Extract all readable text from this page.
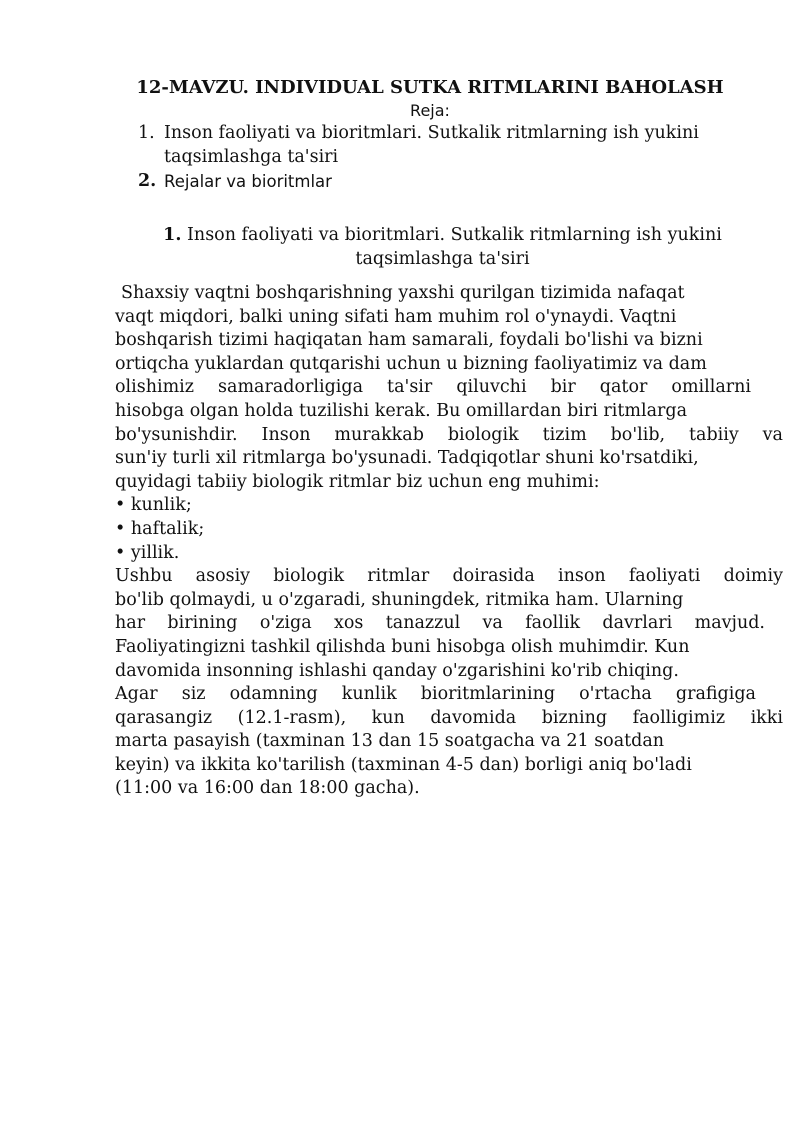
12-MAVZU. INDIVIDUAL SUTKA RITMLARINI BAHOLASH
Reja:
1. Inson faoliyati va bioritmlari. Sutkalik ritmlarning ish yukini
taqsimlashga ta'siri
2. Rejalar va bioritmlar
1. Inson faoliyati va bioritmlari. Sutkalik ritmlarning ish yukini
taqsimlashga ta'siri
Shaxsiy vaqtni boshqarishning yaxshi qurilgan tizimida nafaqat
vaqt miqdori, balki uning sifati ham muhim rol o'ynaydi. Vaqtni
boshqarish tizimi haqiqatan ham samarali, foydali bo'lishi va bizni
ortiqcha yuklardan qutqarishi uchun u bizning faoliyatimiz va dam
olishimiz samaradorligiga ta'sir qiluvchi bir qator omillarni
hisobga olgan holda tuzilishi kerak. Bu omillardan biri ritmlarga
bo'ysunishdir. Inson murakkab biologik tizim bo'lib, tabiiy va
sun'iy turli xil ritmlarga bo'ysunadi. Tadqiqotlar shuni ko'rsatdiki,
quyidagi tabiiy biologik ritmlar biz uchun eng muhimi:
• kunlik;
• haftalik;
• yillik.
Ushbu asosiy biologik ritmlar doirasida inson faoliyati doimiy
bo'lib qolmaydi, u o'zgaradi, shuningdek, ritmika ham. Ularning
har birining o'ziga xos tanazzul va faollik davrlari mavjud.
Faoliyatingizni tashkil qilishda buni hisobga olish muhimdir. Kun
davomida insonning ishlashi qanday o'zgarishini ko'rib chiqing.
Agar siz odamning kunlik bioritmlarining o'rtacha grafigiga
qarasangiz (12.1-rasm), kun davomida bizning faolligimiz ikki
marta pasayish (taxminan 13 dan 15 soatgacha va 21 soatdan
keyin) va ikkita ko'tarilish (taxminan 4-5 dan) borligi aniq bo'ladi
(11:00 va 16:00 dan 18:00 gacha).
